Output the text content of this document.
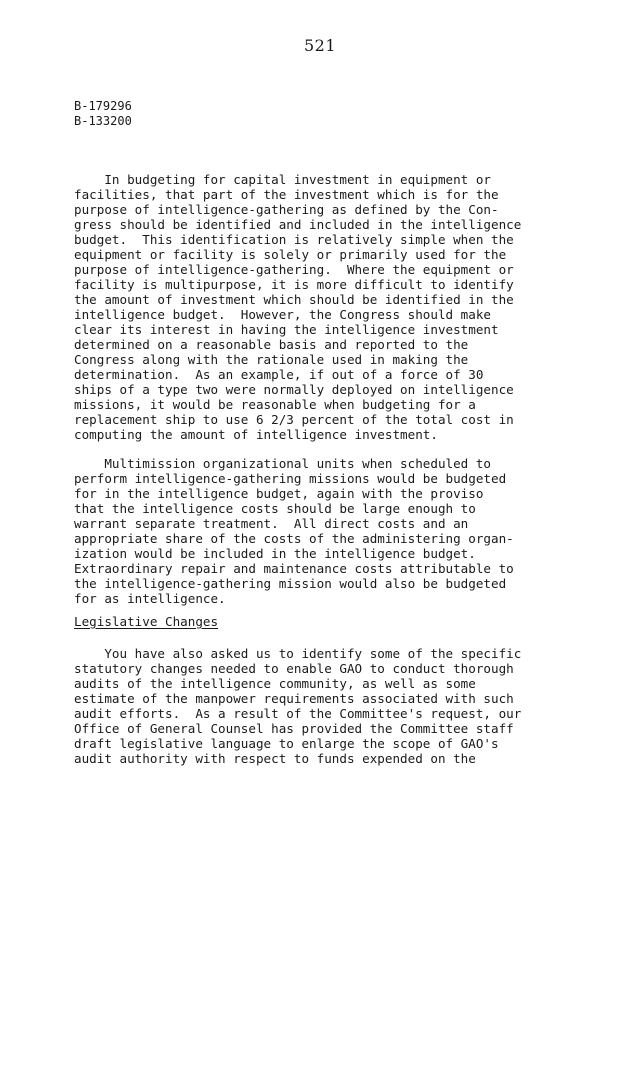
521
B-179296
B-133200
In budgeting for capital investment in equipment or
facilities, that part of the investment which is for the
purpose of intelligence-gathering as defined by the Con-
gress should be identified and included in the intelligence
budget.  This identification is relatively simple when the
equipment or facility is solely or primarily used for the
purpose of intelligence-gathering.  Where the equipment or
facility is multipurpose, it is more difficult to identify
the amount of investment which should be identified in the
intelligence budget.  However, the Congress should make
clear its interest in having the intelligence investment
determined on a reasonable basis and reported to the
Congress along with the rationale used in making the
determination.  As an example, if out of a force of 30
ships of a type two were normally deployed on intelligence
missions, it would be reasonable when budgeting for a
replacement ship to use 6 2/3 percent of the total cost in
computing the amount of intelligence investment.
Multimission organizational units when scheduled to
perform intelligence-gathering missions would be budgeted
for in the intelligence budget, again with the proviso
that the intelligence costs should be large enough to
warrant separate treatment.  All direct costs and an
appropriate share of the costs of the administering organ-
ization would be included in the intelligence budget.
Extraordinary repair and maintenance costs attributable to
the intelligence-gathering mission would also be budgeted
for as intelligence.
Legislative Changes
You have also asked us to identify some of the specific
statutory changes needed to enable GAO to conduct thorough
audits of the intelligence community, as well as some
estimate of the manpower requirements associated with such
audit efforts.  As a result of the Committee's request, our
Office of General Counsel has provided the Committee staff
draft legislative language to enlarge the scope of GAO's
audit authority with respect to funds expended on the
